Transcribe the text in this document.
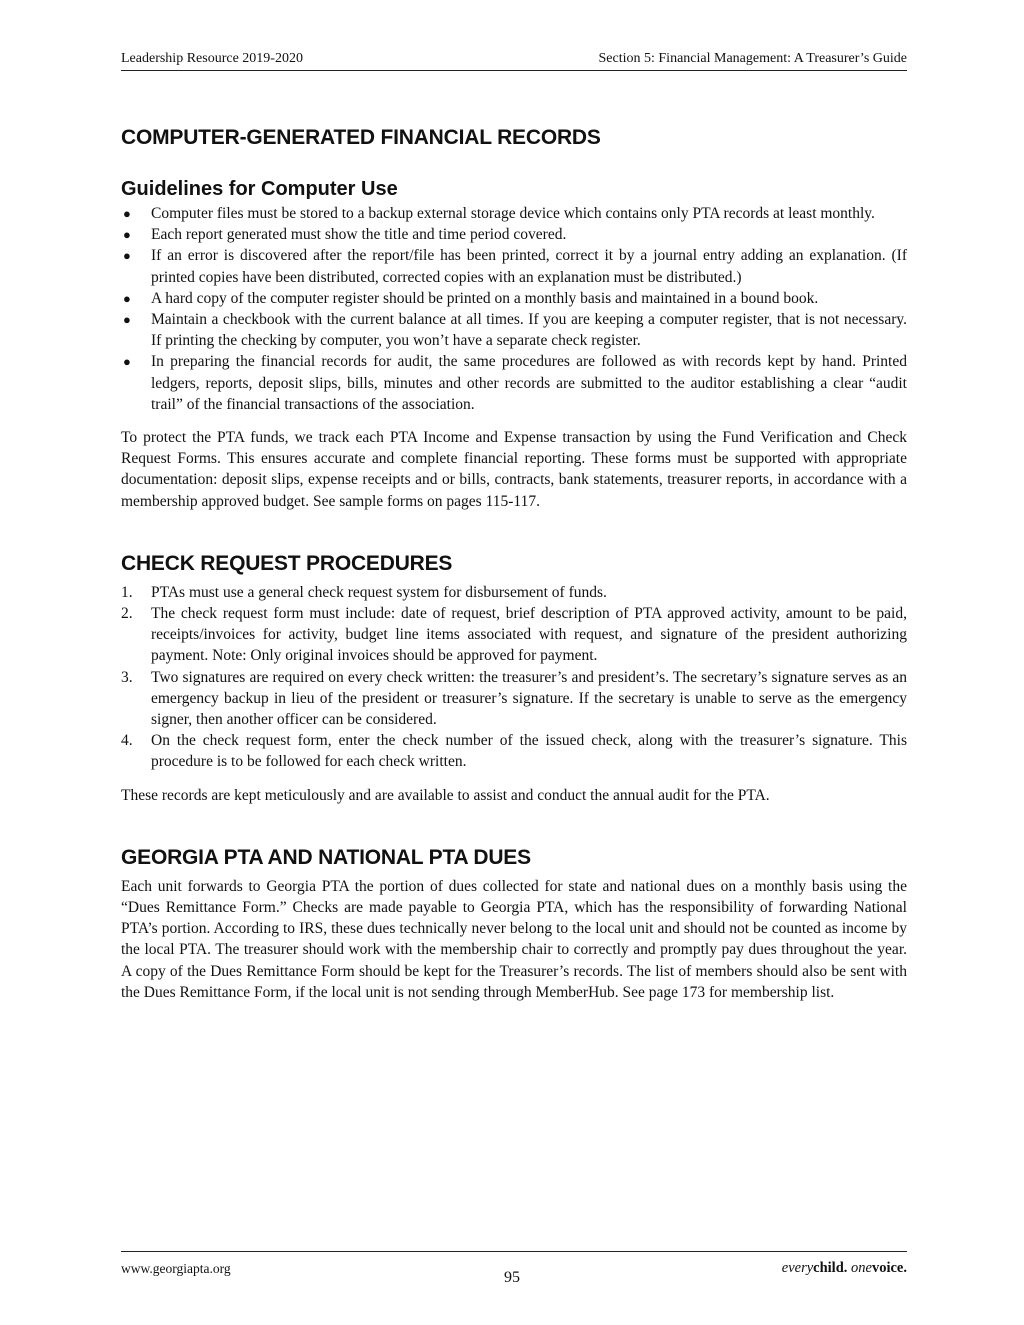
Leadership Resource 2019-2020	Section 5: Financial Management: A Treasurer’s Guide
COMPUTER-GENERATED FINANCIAL RECORDS
Guidelines for Computer Use
● Computer files must be stored to a backup external storage device which contains only PTA records at least monthly.
● Each report generated must show the title and time period covered.
● If an error is discovered after the report/file has been printed, correct it by a journal entry adding an explanation. (If printed copies have been distributed, corrected copies with an explanation must be distributed.)
● A hard copy of the computer register should be printed on a monthly basis and maintained in a bound book.
● Maintain a checkbook with the current balance at all times. If you are keeping a computer register, that is not necessary. If printing the checking by computer, you won’t have a separate check register.
● In preparing the financial records for audit, the same procedures are followed as with records kept by hand. Printed ledgers, reports, deposit slips, bills, minutes and other records are submitted to the auditor establishing a clear “audit trail” of the financial transactions of the association.

To protect the PTA funds, we track each PTA Income and Expense transaction by using the Fund Verification and Check Request Forms. This ensures accurate and complete financial reporting. These forms must be supported with appropriate documentation: deposit slips, expense receipts and or bills, contracts, bank statements, treasurer reports, in accordance with a membership approved budget. See sample forms on pages 115-117.

CHECK REQUEST PROCEDURES
1. PTAs must use a general check request system for disbursement of funds.
2. The check request form must include: date of request, brief description of PTA approved activity, amount to be paid, receipts/invoices for activity, budget line items associated with request, and signature of the president authorizing payment. Note: Only original invoices should be approved for payment.
3. Two signatures are required on every check written: the treasurer’s and president’s. The secretary’s signature serves as an emergency backup in lieu of the president or treasurer’s signature. If the secretary is unable to serve as the emergency signer, then another officer can be considered.
4. On the check request form, enter the check number of the issued check, along with the treasurer’s signature. This procedure is to be followed for each check written.

These records are kept meticulously and are available to assist and conduct the annual audit for the PTA.

GEORGIA PTA AND NATIONAL PTA DUES

Each unit forwards to Georgia PTA the portion of dues collected for state and national dues on a monthly basis using the “Dues Remittance Form.” Checks are made payable to Georgia PTA, which has the responsibility of forwarding National PTA’s portion. According to IRS, these dues technically never belong to the local unit and should not be counted as income by the local PTA. The treasurer should work with the membership chair to correctly and promptly pay dues throughout the year. A copy of the Dues Remittance Form should be kept for the Treasurer’s records. The list of members should also be sent with the Dues Remittance Form, if the local unit is not sending through MemberHub. See page 173 for membership list.

www.georgiapta.org
95
everychild. onevoice.
